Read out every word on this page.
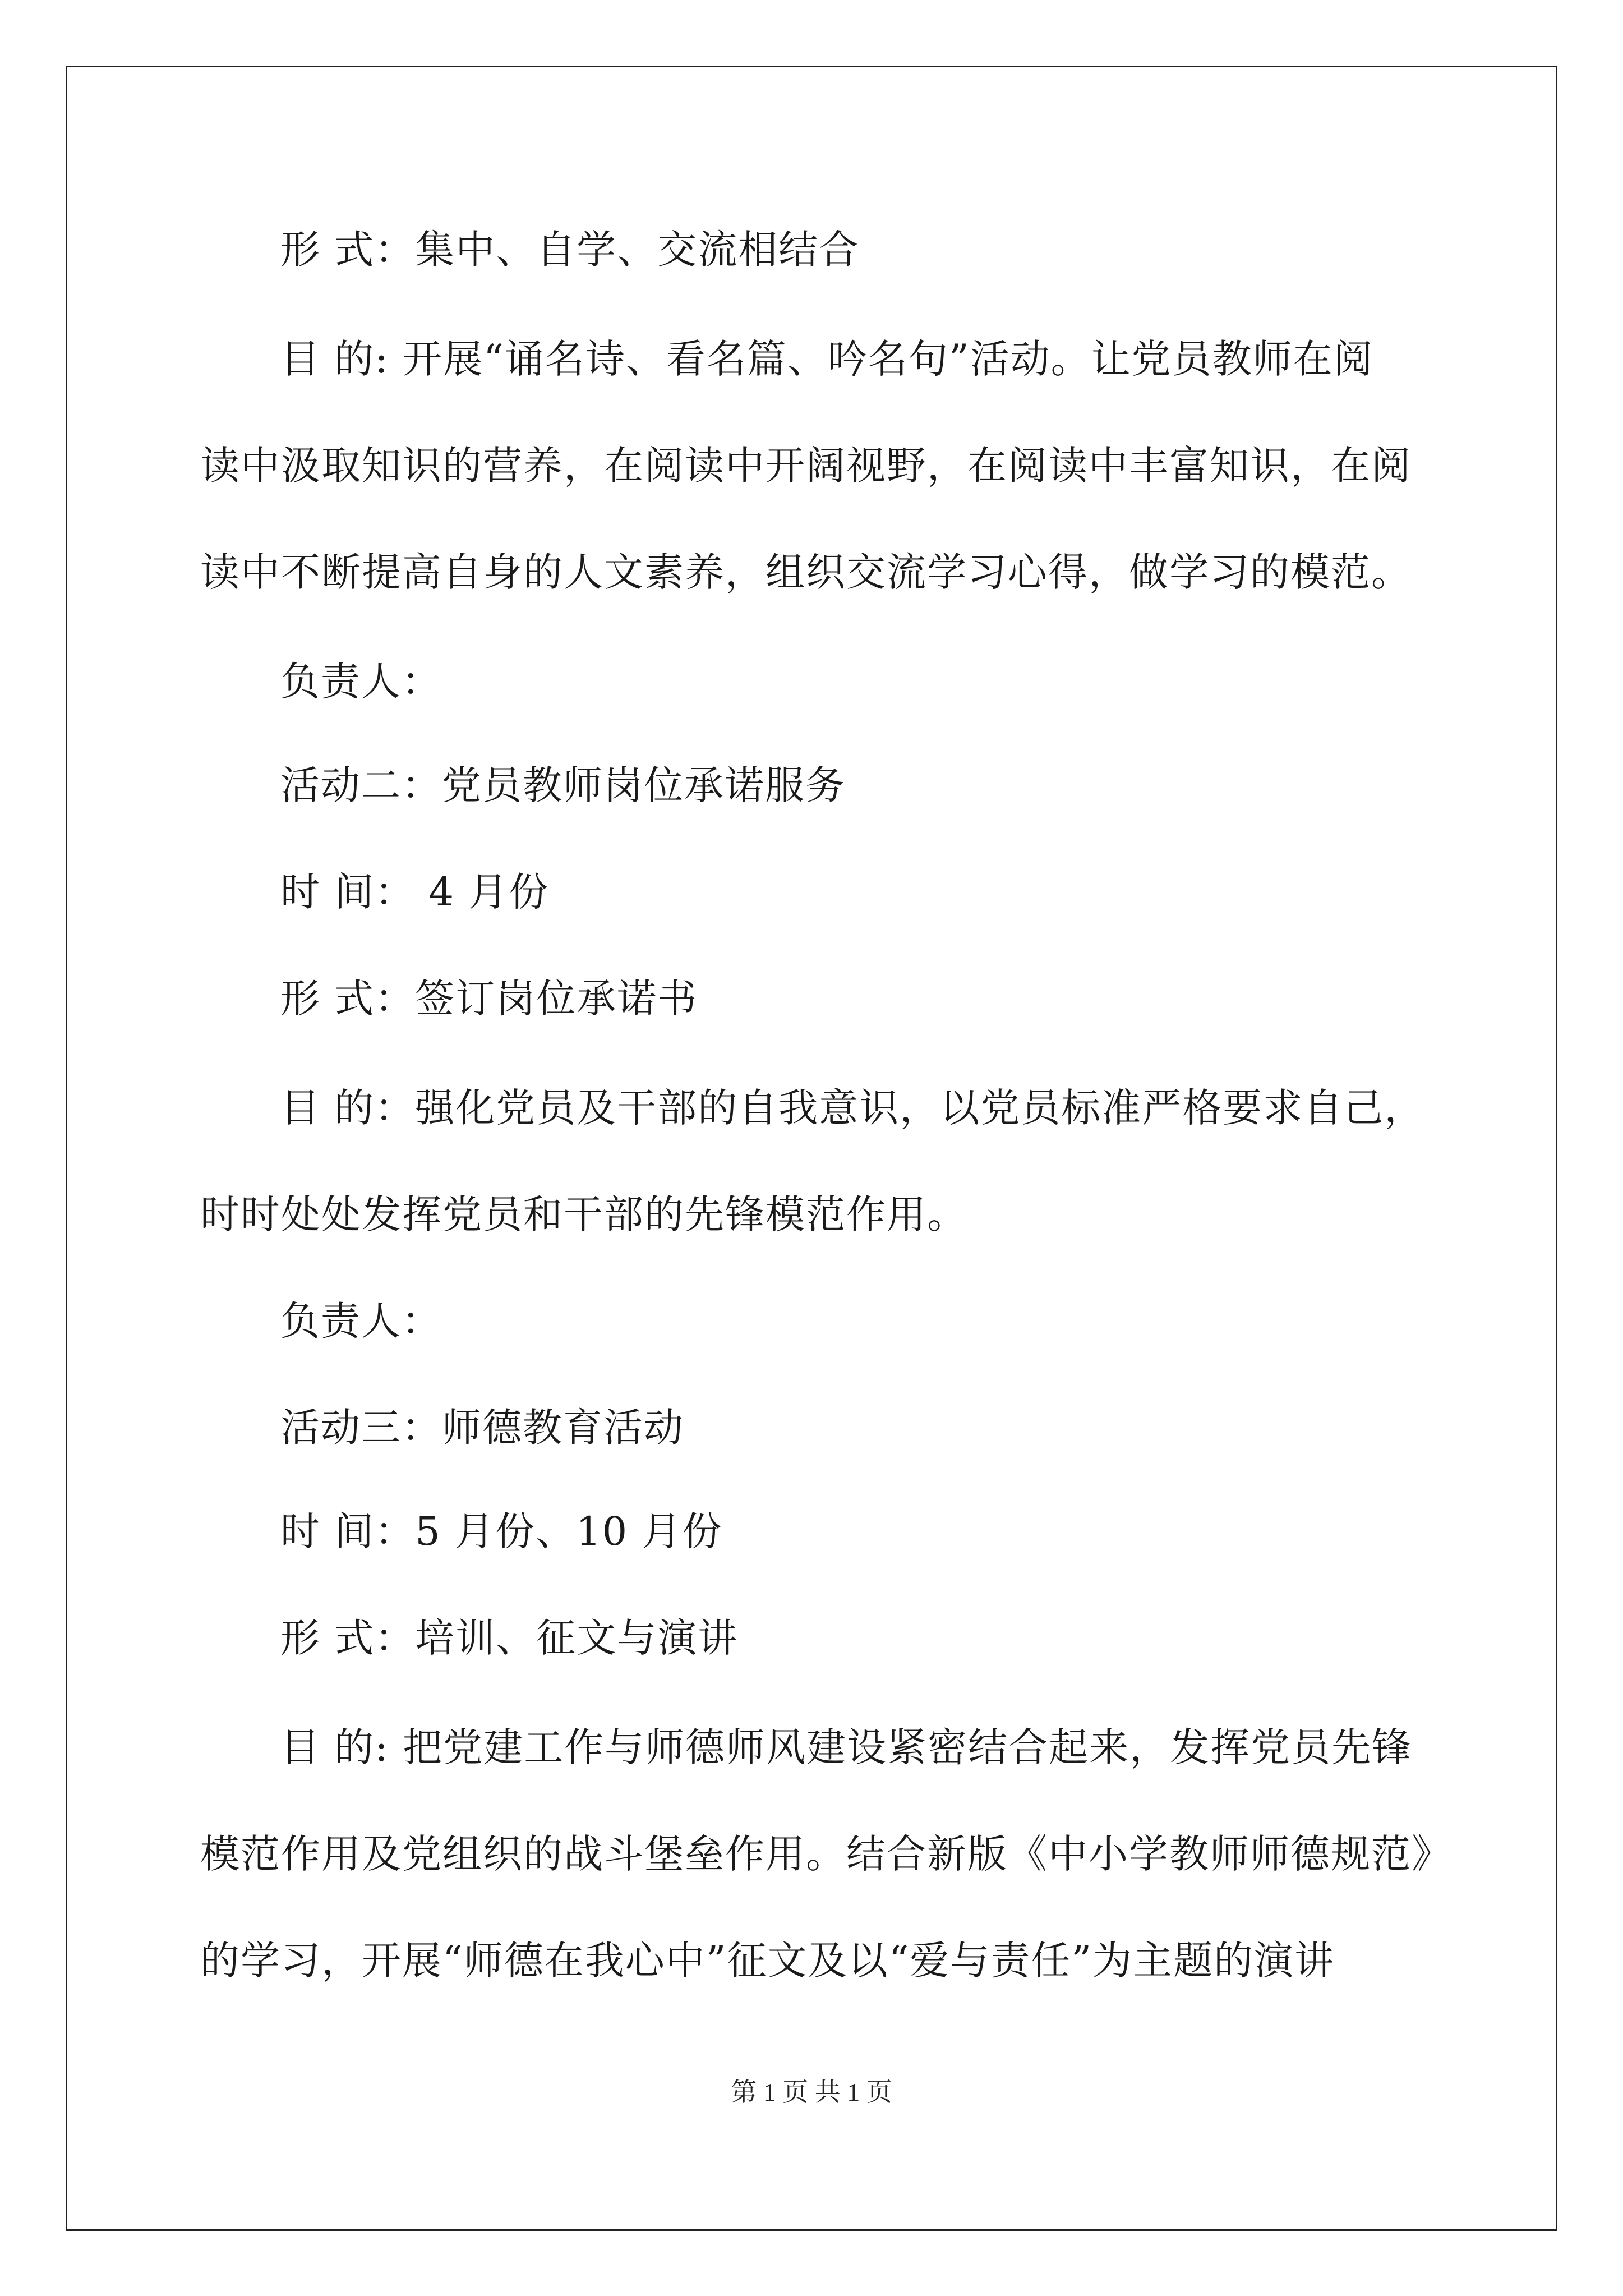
形 式：集中、自学、交流相结合
目 的: 开展“诵名诗、看名篇、吟名句”活动。让党员教师在阅
读中汲取知识的营养，在阅读中开阔视野，在阅读中丰富知识，在阅
读中不断提高自身的人文素养，组织交流学习心得，做学习的模范。
负责人：
活动二：党员教师岗位承诺服务
时 间： 4 月份
形 式：签订岗位承诺书
目 的：强化党员及干部的自我意识，以党员标准严格要求自己，
时时处处发挥党员和干部的先锋模范作用。
负责人：
活动三：师德教育活动
时 间：5 月份、10 月份
形 式：培训、征文与演讲
目 的: 把党建工作与师德师风建设紧密结合起来，发挥党员先锋
模范作用及党组织的战斗堡垒作用。结合新版《中小学教师师德规范》
的学习，开展“师德在我心中”征文及以“爱与责任”为主题的演讲
第 1 页 共 1 页
